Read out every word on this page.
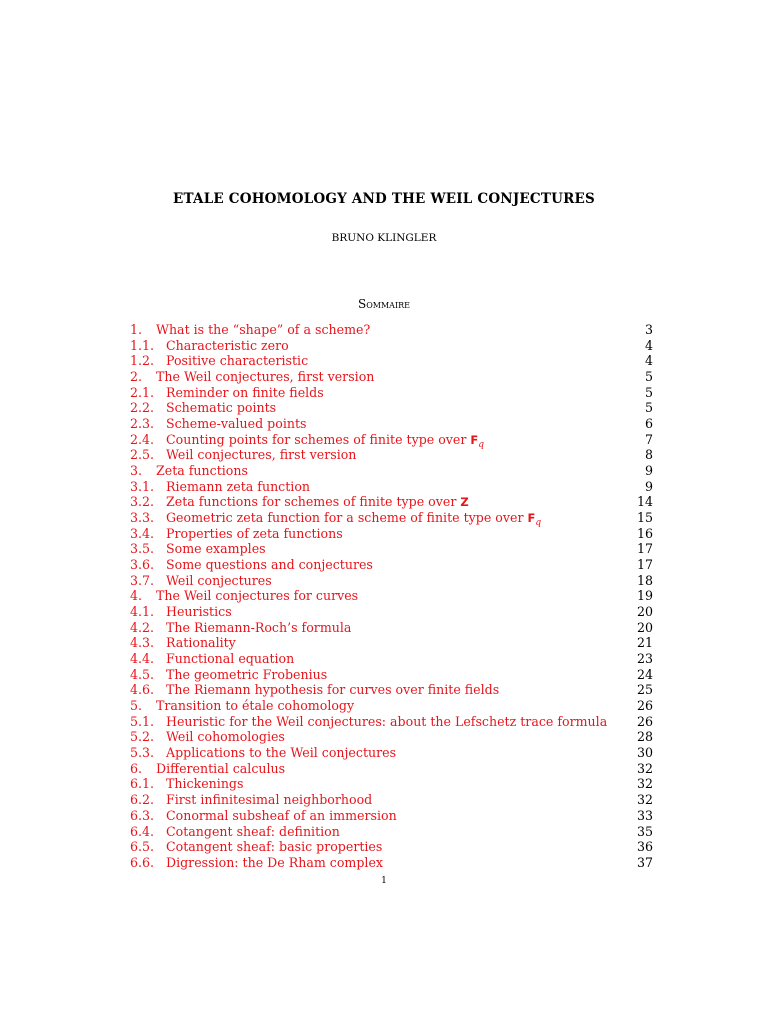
ETALE COHOMOLOGY AND THE WEIL CONJECTURES
BRUNO KLINGLER
Sommaire
1. What is the “shape” of a scheme?	3
1.1. Characteristic zero	4
1.2. Positive characteristic	4
2. The Weil conjectures, first version	5
2.1. Reminder on finite fields	5
2.2. Schematic points	5
2.3. Scheme-valued points	6
2.4. Counting points for schemes of finite type over $F_q$	7
2.5. Weil conjectures, first version	8
3. Zeta functions	9
3.1. Riemann zeta function	9
3.2. Zeta functions for schemes of finite type over Z	14
3.3. Geometric zeta function for a scheme of finite type over $F_q$	15
3.4. Properties of zeta functions	16
3.5. Some examples	17
3.6. Some questions and conjectures	17
3.7. Weil conjectures	18
4. The Weil conjectures for curves	19
4.1. Heuristics	20
4.2. The Riemann-Roch’s formula	20
4.3. Rationality	21
4.4. Functional equation	23
4.5. The geometric Frobenius	24
4.6. The Riemann hypothesis for curves over finite fields	25
5. Transition to étale cohomology	26
5.1. Heuristic for the Weil conjectures: about the Lefschetz trace formula 26
5.2. Weil cohomologies	28
5.3. Applications to the Weil conjectures	30
6. Differential calculus	32
6.1. Thickenings	32
6.2. First infinitesimal neighborhood	32
6.3. Conormal subsheaf of an immersion	33
6.4. Cotangent sheaf: definition	35
6.5. Cotangent sheaf: basic properties	36
6.6. Digression: the De Rham complex	37
1
